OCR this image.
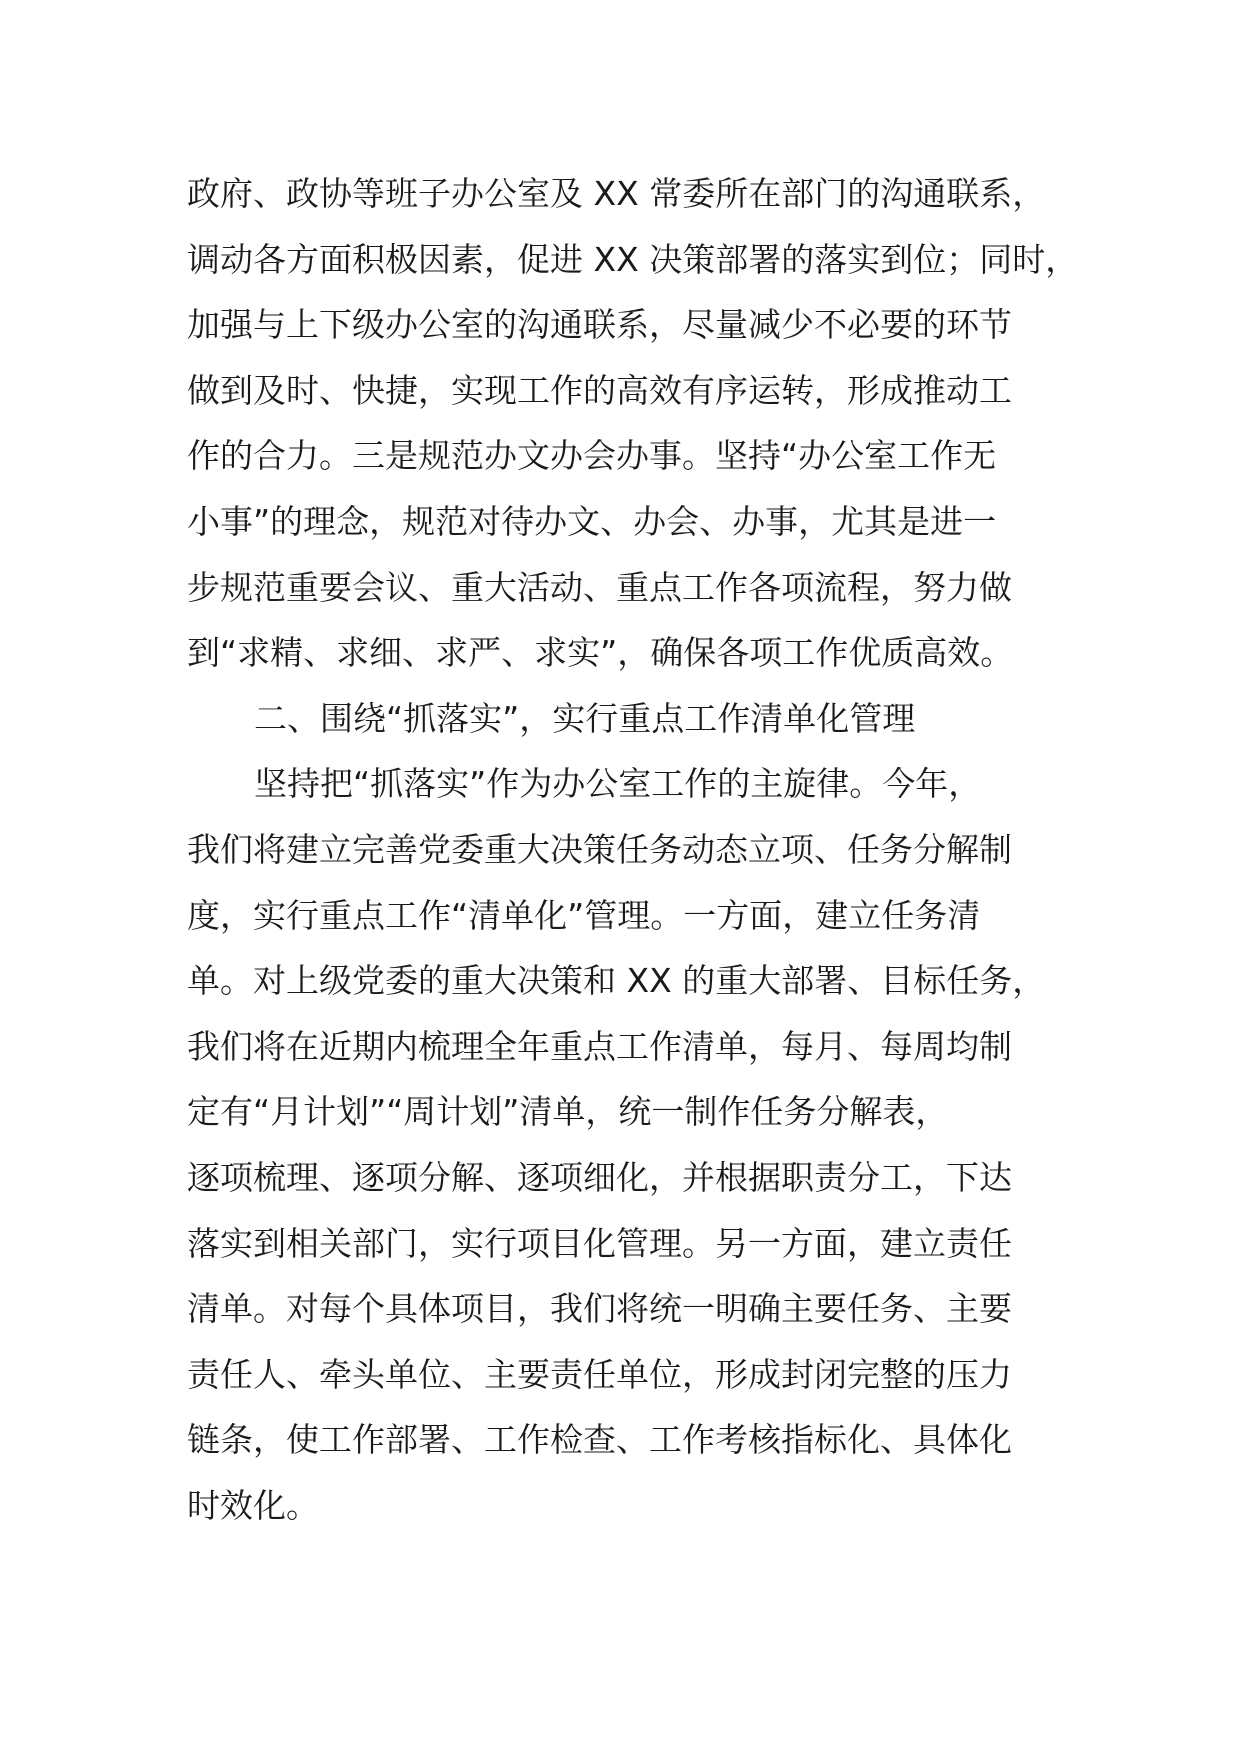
政府、政协等班子办公室及 XX 常委所在部门的沟通联系，
调动各方面积极因素，促进 XX 决策部署的落实到位；同时，
加强与上下级办公室的沟通联系，尽量减少不必要的环节
做到及时、快捷，实现工作的高效有序运转，形成推动工
作的合力。三是规范办文办会办事。坚持“办公室工作无
小事”的理念，规范对待办文、办会、办事，尤其是进一
步规范重要会议、重大活动、重点工作各项流程，努力做
到“求精、求细、求严、求实”，确保各项工作优质高效。
二、围绕“抓落实”，实行重点工作清单化管理
坚持把“抓落实”作为办公室工作的主旋律。今年，
我们将建立完善党委重大决策任务动态立项、任务分解制
度，实行重点工作“清单化”管理。一方面，建立任务清
单。对上级党委的重大决策和 XX 的重大部署、目标任务，
我们将在近期内梳理全年重点工作清单，每月、每周均制
定有“月计划”“周计划”清单，统一制作任务分解表，
逐项梳理、逐项分解、逐项细化，并根据职责分工，下达
落实到相关部门，实行项目化管理。另一方面，建立责任
清单。对每个具体项目，我们将统一明确主要任务、主要
责任人、牵头单位、主要责任单位，形成封闭完整的压力
链条，使工作部署、工作检查、工作考核指标化、具体化
时效化。
